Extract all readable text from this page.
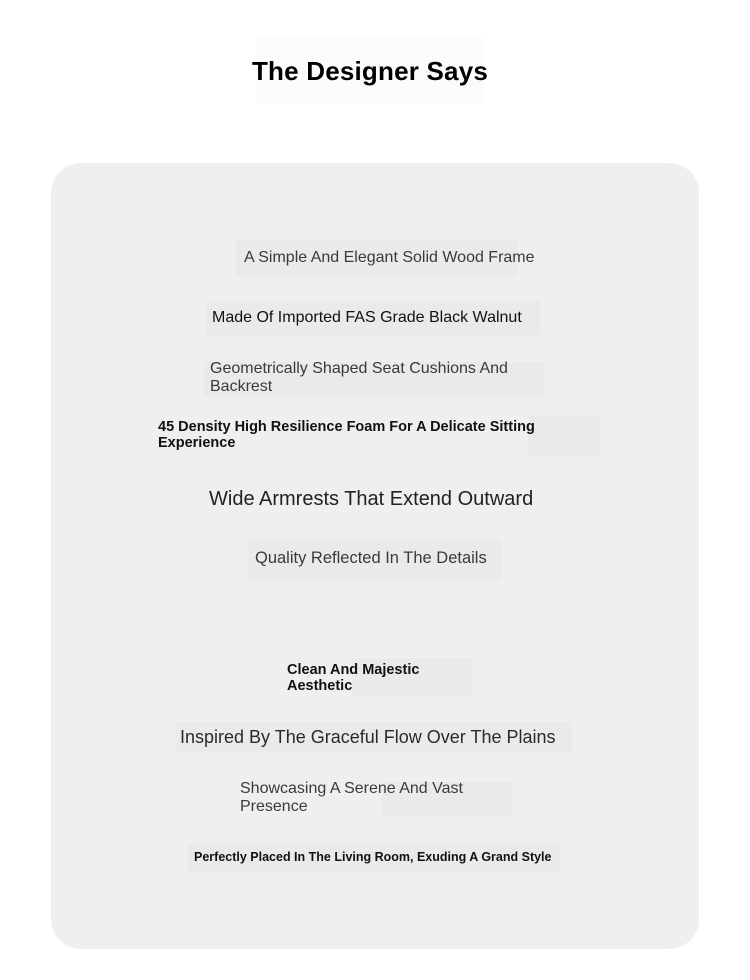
The Designer Says
A Simple And Elegant Solid Wood Frame
Made Of Imported FAS Grade Black Walnut
Geometrically Shaped Seat Cushions And Backrest
45 Density High Resilience Foam For A Delicate Sitting Experience
Wide Armrests That Extend Outward
Quality Reflected In The Details
Clean And Majestic Aesthetic
Inspired By The Graceful Flow Over The Plains
Showcasing A Serene And Vast Presence
Perfectly Placed In The Living Room, Exuding A Grand Style
